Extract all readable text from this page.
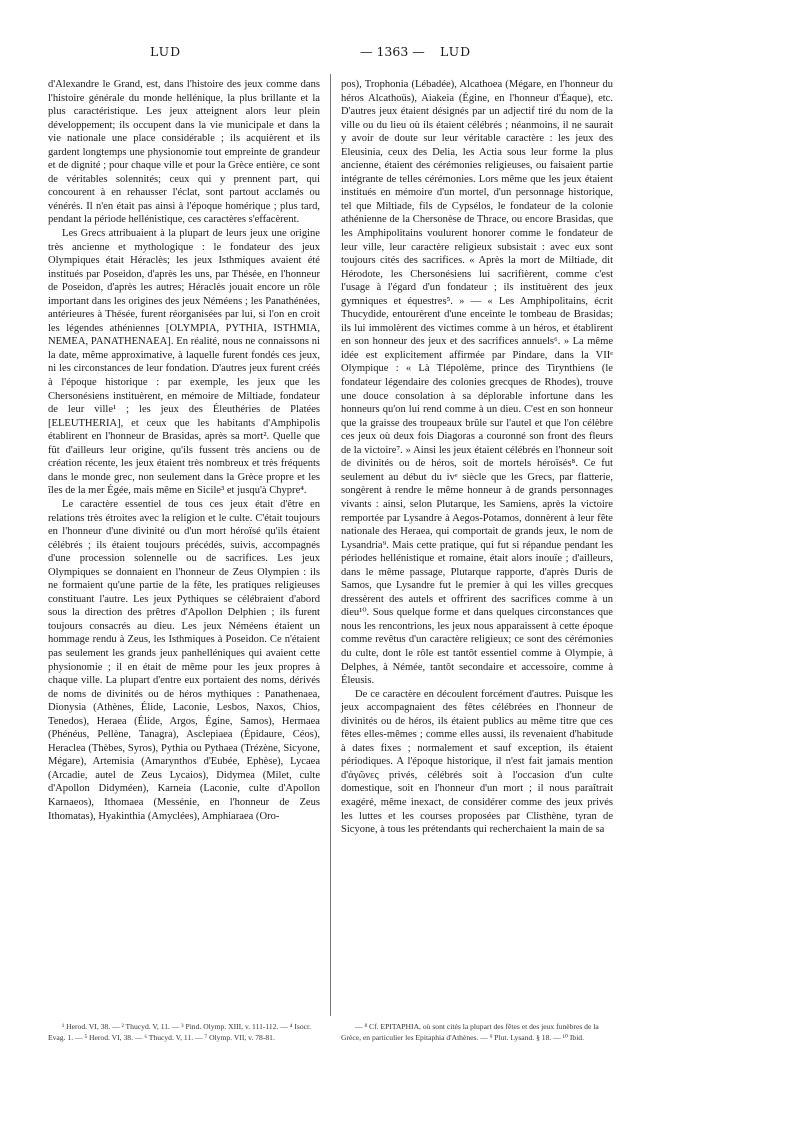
LUD	— 1363 — LUD

d'Alexandre le Grand, est, dans l'histoire des jeux comme dans l'histoire générale du monde hellénique, la plus brillante et la plus caractéristique. Les jeux atteignent alors leur plein développement; ils occupent dans la vie municipale et dans la vie nationale une place considérable ; ils acquièrent et ils gardent longtemps une physionomie tout empreinte de grandeur et de dignité ; pour chaque ville et pour la Grèce entière, ce sont de véritables solennités; ceux qui y prennent part, qui concourent à en rehausser l'éclat, sont partout acclamés ou vénérés. Il n'en était pas ainsi à l'époque homérique ; plus tard, pendant la période hellénistique, ces caractères s'effacèrent.

Les Grecs attribuaient à la plupart de leurs jeux une origine très ancienne et mythologique : le fondateur des jeux Olympiques était Héraclès; les jeux Isthmiques avaient été institués par Poseidon, d'après les uns, par Thésée, en l'honneur de Poseidon, d'après les autres; Héraclès jouait encore un rôle important dans les origines des jeux Néméens ; les Panathénées, antérieures à Thésée, furent réorganisées par lui, si l'on en croit les légendes athéniennes [OLYMPIA, PYTHIA, ISTHMIA, NEMEA, PANATHENAEA]. En réalité, nous ne connaissons ni la date, même approximative, à laquelle furent fondés ces jeux, ni les circonstances de leur fondation. D'autres jeux furent créés à l'époque historique : par exemple, les jeux que les Chersonésiens instituèrent, en mémoire de Miltiade, fondateur de leur ville¹ ; les jeux des Éleuthéries de Platées [ELEUTHERIA], et ceux que les habitants d'Amphipolis établirent en l'honneur de Brasidas, après sa mort². Quelle que fût d'ailleurs leur origine, qu'ils fussent très anciens ou de création récente, les jeux étaient très nombreux et très fréquents dans le monde grec, non seulement dans la Grèce propre et les îles de la mer Égée, mais même en Sicile³ et jusqu'à Chypre⁴.

Le caractère essentiel de tous ces jeux était d'être en relations très étroites avec la religion et le culte. C'était toujours en l'honneur d'une divinité ou d'un mort héroïsé qu'ils étaient célébrés ; ils étaient toujours précédés, suivis, accompagnés d'une procession solennelle ou de sacrifices. Les jeux Olympiques se donnaient en l'honneur de Zeus Olympien : ils ne formaient qu'une partie de la fête, les pratiques religieuses constituant l'autre. Les jeux Pythiques se célébraient d'abord sous la direction des prêtres d'Apollon Delphien ; ils furent toujours consacrés au dieu. Les jeux Néméens étaient un hommage rendu à Zeus, les Isthmiques à Poseidon. Ce n'étaient pas seulement les grands jeux panhelléniques qui avaient cette physionomie ; il en était de même pour les jeux propres à chaque ville. La plupart d'entre eux portaient des noms, dérivés de noms de divinités ou de héros mythiques : Panathenaea, Dionysia (Athènes, Élide, Laconie, Lesbos, Naxos, Chios, Tenedos), Heraea (Élide, Argos, Égine, Samos), Hermaea (Phénéus, Pellène, Tanagra), Asclepiaea (Épidaure, Céos), Heraclea (Thèbes, Syros), Pythia ou Pythaea (Trézène, Sicyone, Mégare), Artemisia (Amarynthos d'Eubée, Ephèse), Lycaea (Arcadie, autel de Zeus Lycaios), Didymea (Milet, culte d'Apollon Didyméen), Karneia (Laconie, culte d'Apollon Karnaeos), Ithomaea (Messénie, en l'honneur de Zeus Ithomatas), Hyakinthia (Amyclées), Amphiaraea (Oro-

pos), Trophonia (Lébadée), Alcathoea (Mégare, en l'honneur du héros Alcathoüs), Aiakeia (Égine, en l'honneur d'Éaque), etc. D'autres jeux étaient désignés par un adjectif tiré du nom de la ville ou du lieu où ils étaient célébrés ; néanmoins, il ne saurait y avoir de doute sur leur véritable caractère : les jeux des Eleusinia, ceux des Delia, les Actia sous leur forme la plus ancienne, étaient des cérémonies religieuses, ou faisaient partie intégrante de telles cérémonies. Lors même que les jeux étaient institués en mémoire d'un mortel, d'un personnage historique, tel que Miltiade, fils de Cypsélos, le fondateur de la colonie athénienne de la Chersonèse de Thrace, ou encore Brasidas, que les Amphipolitains voulurent honorer comme le fondateur de leur ville, leur caractère religieux subsistait : avec eux sont toujours cités des sacrifices. « Après la mort de Miltiade, dit Hérodote, les Chersonésiens lui sacrifièrent, comme c'est l'usage à l'égard d'un fondateur ; ils instituèrent des jeux gymniques et équestres⁵. » — « Les Amphipolitains, écrit Thucydide, entourèrent d'une enceinte le tombeau de Brasidas; ils lui immolèrent des victimes comme à un héros, et établirent en son honneur des jeux et des sacrifices annuels⁶. » La même idée est explicitement affirmée par Pindare, dans la VIIᵉ Olympique : « Là Tlépolème, prince des Tirynthiens (le fondateur légendaire des colonies grecques de Rhodes), trouve une douce consolation à sa déplorable infortune dans les honneurs qu'on lui rend comme à un dieu. C'est en son honneur que la graisse des troupeaux brûle sur l'autel et que l'on célèbre ces jeux où deux fois Diagoras a couronné son front des fleurs de la victoire⁷. » Ainsi les jeux étaient célébrés en l'honneur soit de divinités ou de héros, soit de mortels héroïsés⁸. Ce fut seulement au début du ivᵉ siècle que les Grecs, par flatterie, songèrent à rendre le même honneur à de grands personnages vivants : ainsi, selon Plutarque, les Samiens, après la victoire remportée par Lysandre à Aegos-Potamos, donnèrent à leur fête nationale des Heraea, qui comportait de grands jeux, le nom de Lysandria⁹. Mais cette pratique, qui fut si répandue pendant les périodes hellénistique et romaine, était alors inouïe ; d'ailleurs, dans le même passage, Plutarque rapporte, d'après Duris de Samos, que Lysandre fut le premier à qui les villes grecques dressèrent des autels et offrirent des sacrifices comme à un dieu¹⁰. Sous quelque forme et dans quelques circonstances que nous les rencontrions, les jeux nous apparaissent à cette époque comme revêtus d'un caractère religieux; ce sont des cérémonies du culte, dont le rôle est tantôt essentiel comme à Olympie, à Delphes, à Némée, tantôt secondaire et accessoire, comme à Éleusis.

De ce caractère en découlent forcément d'autres. Puisque les jeux accompagnaient des fêtes célébrées en l'honneur de divinités ou de héros, ils étaient publics au même titre que ces fêtes elles-mêmes ; comme elles aussi, ils revenaient d'habitude à dates fixes ; normalement et sauf exception, ils étaient périodiques. A l'époque historique, il n'est fait jamais mention d'ἀγῶνες privés, célébrés soit à l'occasion d'un culte domestique, soit en l'honneur d'un mort ; il nous paraîtrait exagéré, même inexact, de considérer comme des jeux privés les luttes et les courses proposées par Clisthène, tyran de Sicyone, à tous les prétendants qui recherchaient la main de sa

¹ Herod. VI, 38. — ² Thucyd. V, 11. — ³ Pind. Olymp. XIII, v. 111-112. — ⁴ Isocr. Evag. 1. — ⁵ Herod. VI, 38. — ⁶ Thucyd. V, 11. — ⁷ Olymp. VII, v. 78-81.

— ⁸ Cf. EPITAPHIA, où sont cités la plupart des fêtes et des jeux funèbres de la Grèce, en particulier les Epitaphia d'Athènes. — ⁹ Plut. Lysand. § 18. — ¹⁰ Ibid.
